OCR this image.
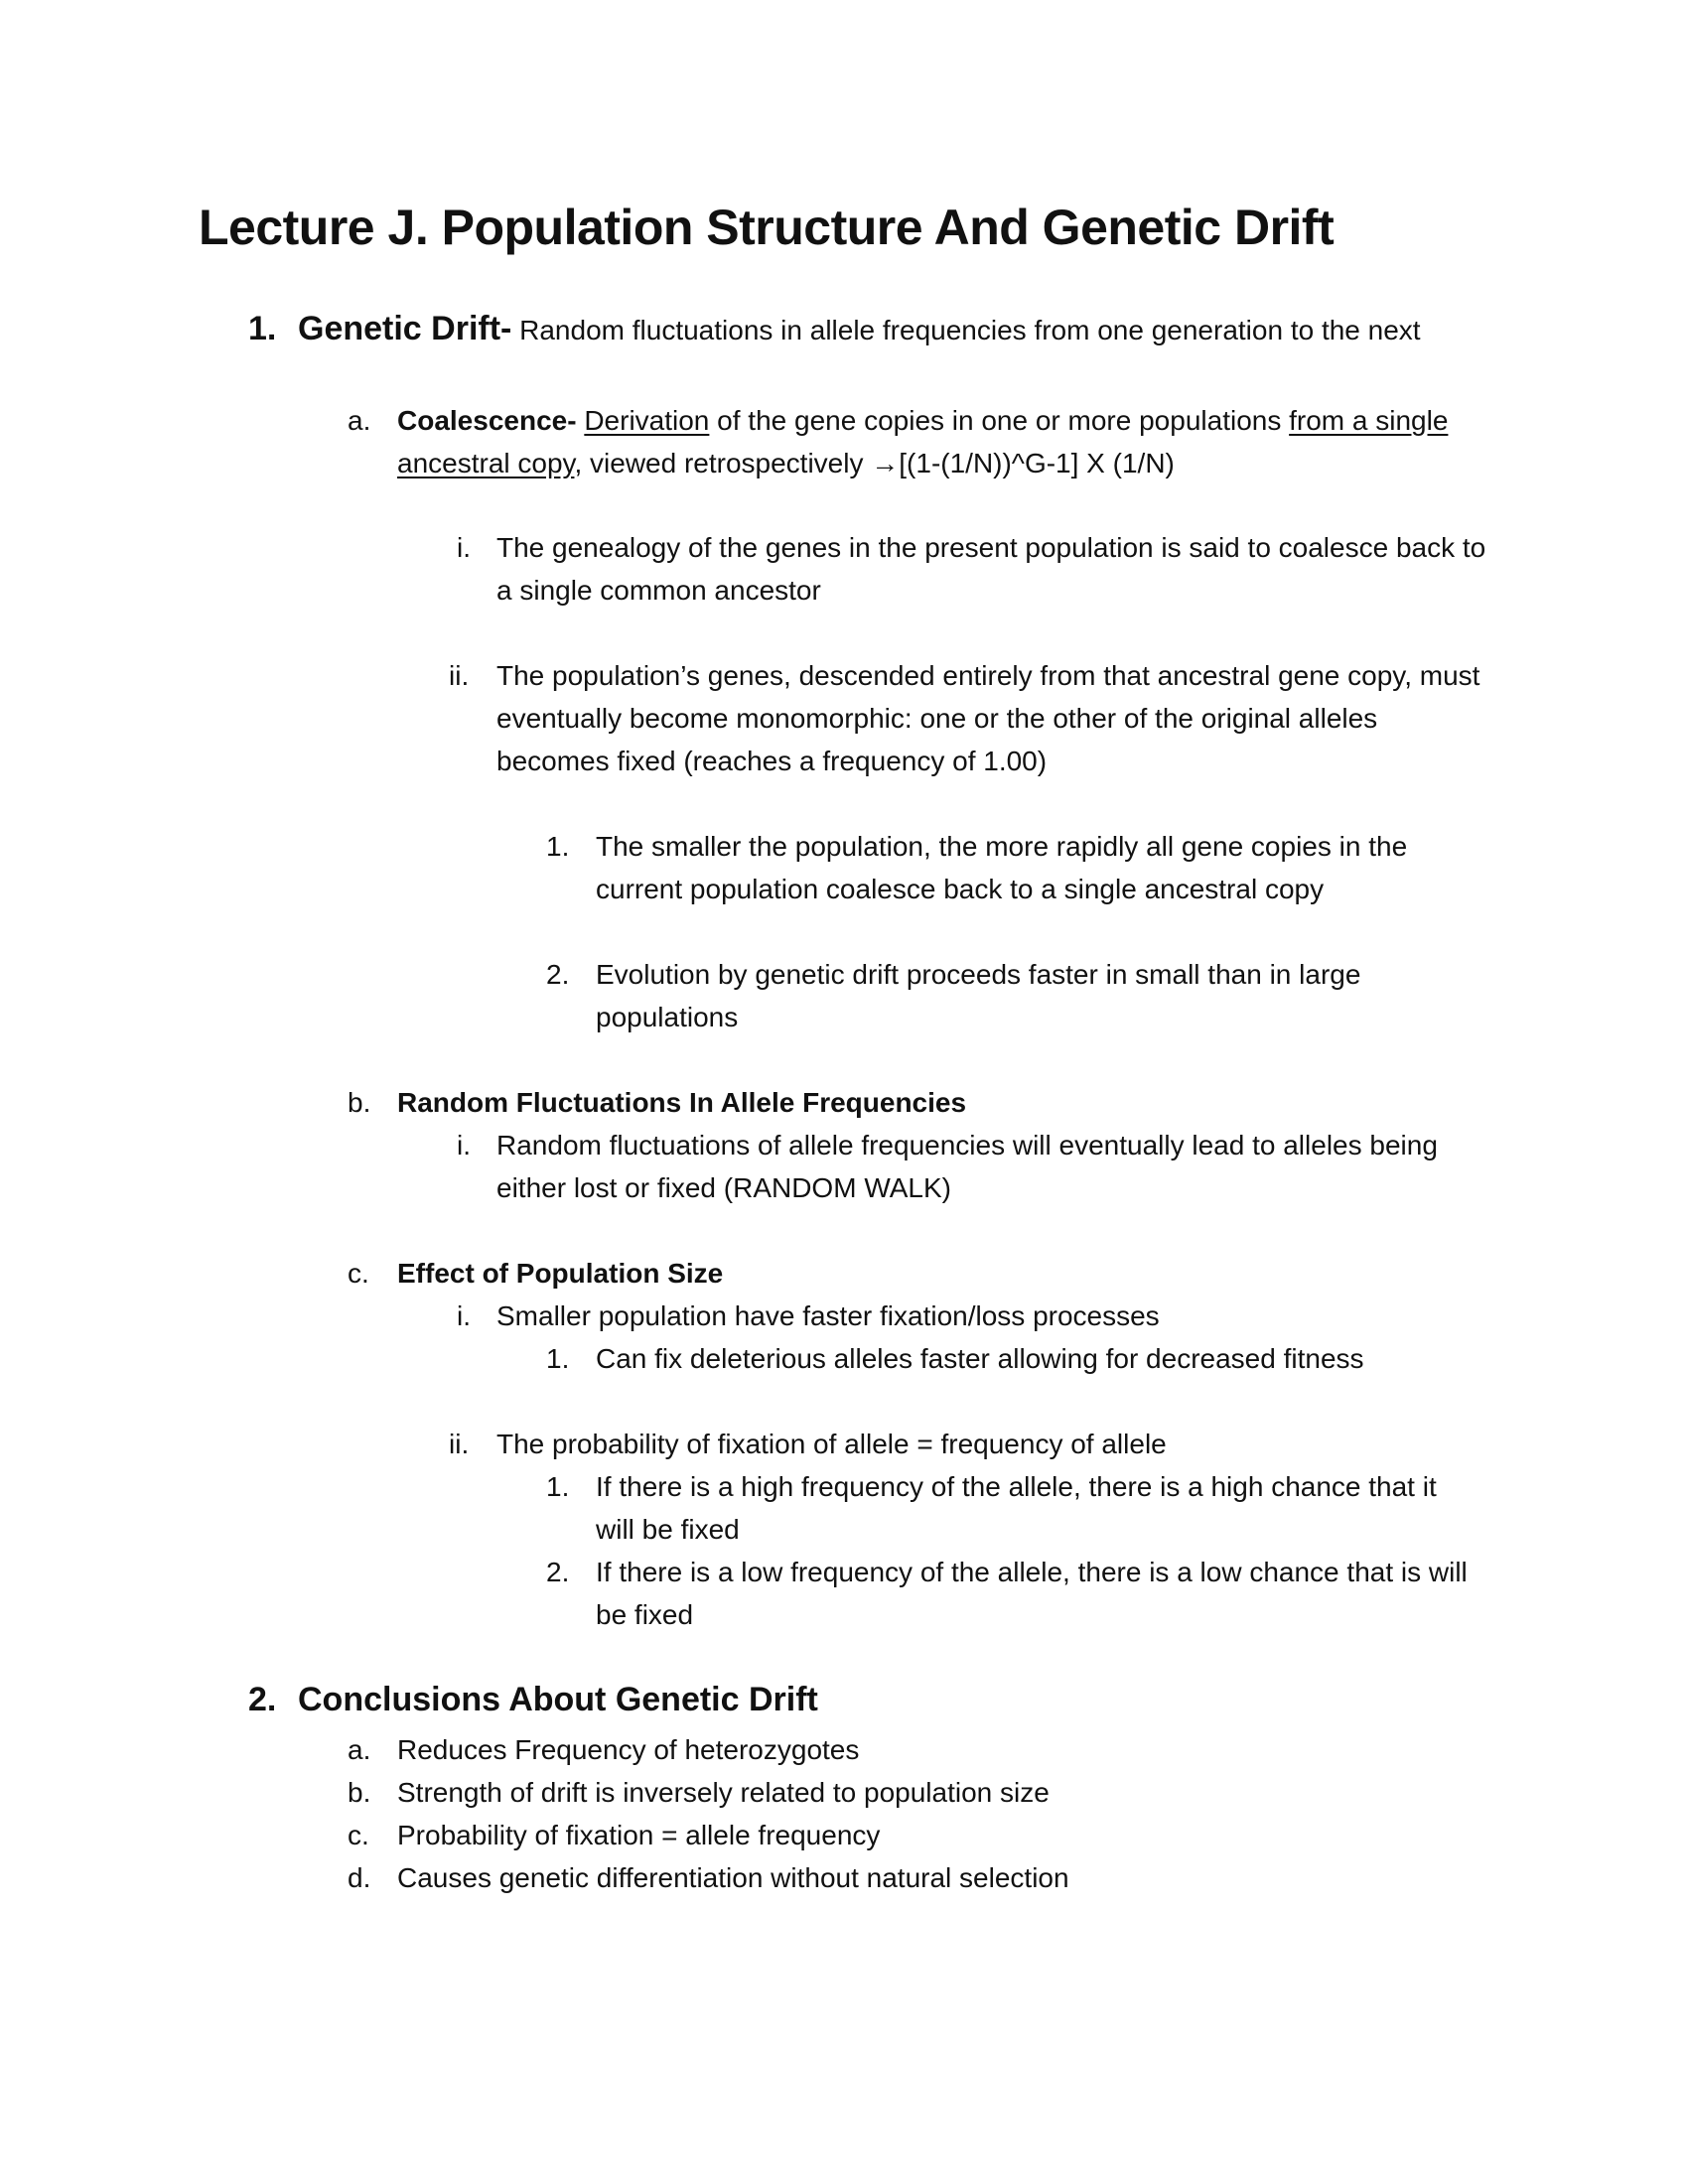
Lecture J. Population Structure And Genetic Drift
1. Genetic Drift- Random fluctuations in allele frequencies from one generation to the next
a. Coalescence- Derivation of the gene copies in one or more populations from a single
ancestral copy, viewed retrospectively →[(1-(1/N))^G-1] X (1/N)
i. The genealogy of the genes in the present population is said to coalesce back to
a single common ancestor
ii. The population’s genes, descended entirely from that ancestral gene copy, must
eventually become monomorphic: one or the other of the original alleles
becomes fixed (reaches a frequency of 1.00)
1. The smaller the population, the more rapidly all gene copies in the
current population coalesce back to a single ancestral copy
2. Evolution by genetic drift proceeds faster in small than in large
populations
b. Random Fluctuations In Allele Frequencies
i. Random fluctuations of allele frequencies will eventually lead to alleles being
either lost or fixed (RANDOM WALK)
c. Effect of Population Size
i. Smaller population have faster fixation/loss processes
1. Can fix deleterious alleles faster allowing for decreased fitness
ii. The probability of fixation of allele = frequency of allele
1. If there is a high frequency of the allele, there is a high chance that it
will be fixed
2. If there is a low frequency of the allele, there is a low chance that is will
be fixed
2. Conclusions About Genetic Drift
a. Reduces Frequency of heterozygotes
b. Strength of drift is inversely related to population size
c. Probability of fixation = allele frequency
d. Causes genetic differentiation without natural selection
